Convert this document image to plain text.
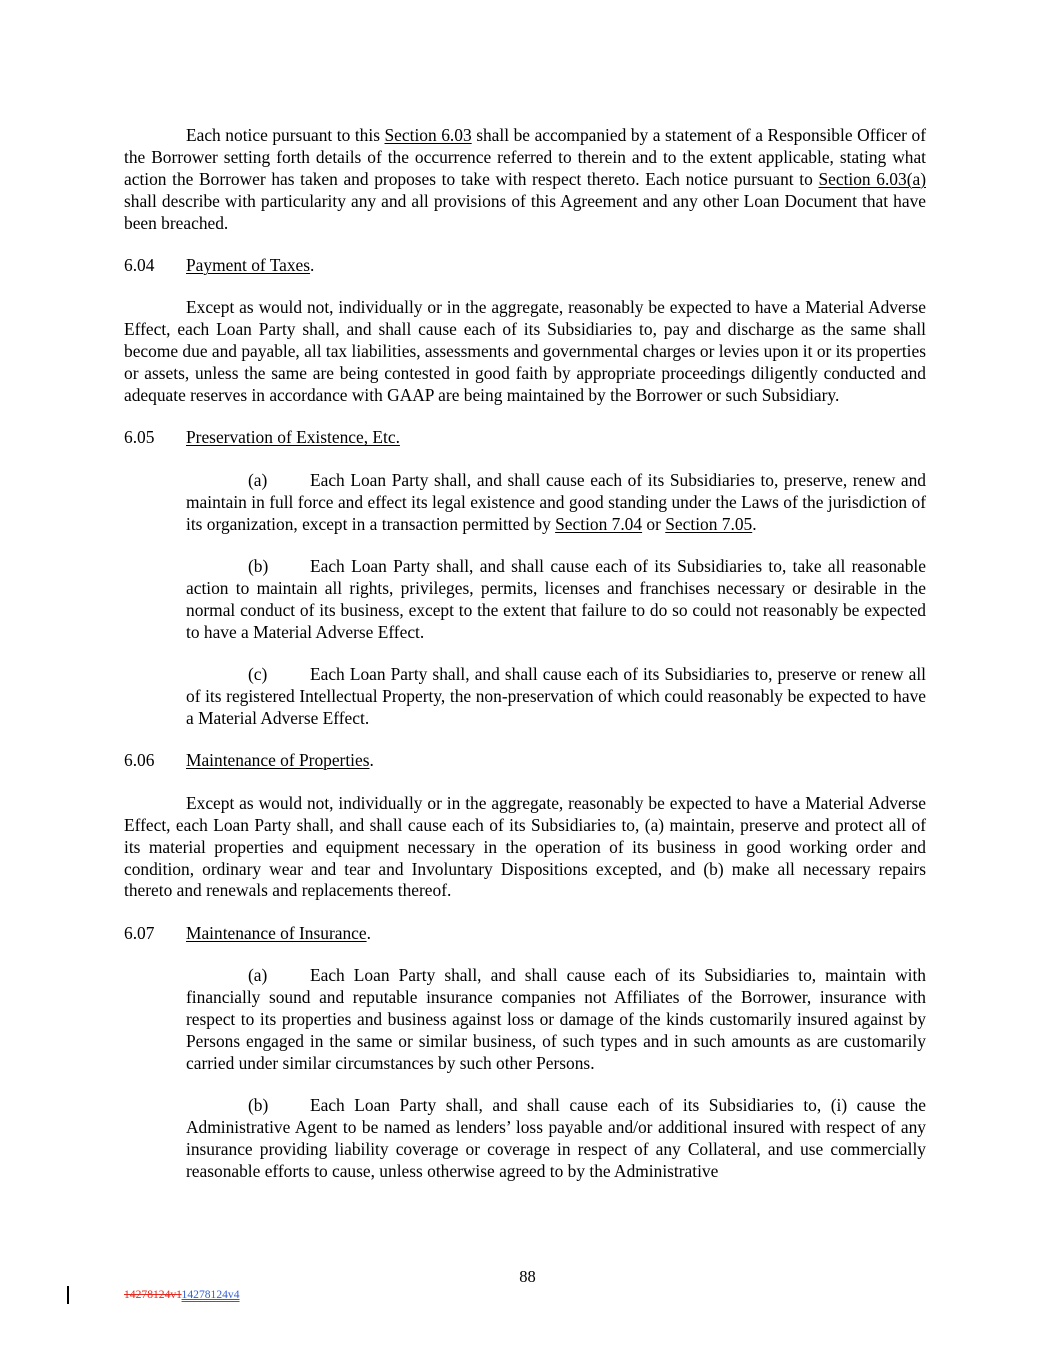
Each notice pursuant to this Section 6.03 shall be accompanied by a statement of a Responsible Officer of the Borrower setting forth details of the occurrence referred to therein and to the extent applicable, stating what action the Borrower has taken and proposes to take with respect thereto. Each notice pursuant to Section 6.03(a) shall describe with particularity any and all provisions of this Agreement and any other Loan Document that have been breached.

6.04 Payment of Taxes.

Except as would not, individually or in the aggregate, reasonably be expected to have a Material Adverse Effect, each Loan Party shall, and shall cause each of its Subsidiaries to, pay and discharge as the same shall become due and payable, all tax liabilities, assessments and governmental charges or levies upon it or its properties or assets, unless the same are being contested in good faith by appropriate proceedings diligently conducted and adequate reserves in accordance with GAAP are being maintained by the Borrower or such Subsidiary.

6.05 Preservation of Existence, Etc.

(a) Each Loan Party shall, and shall cause each of its Subsidiaries to, preserve, renew and maintain in full force and effect its legal existence and good standing under the Laws of the jurisdiction of its organization, except in a transaction permitted by Section 7.04 or Section 7.05.

(b) Each Loan Party shall, and shall cause each of its Subsidiaries to, take all reasonable action to maintain all rights, privileges, permits, licenses and franchises necessary or desirable in the normal conduct of its business, except to the extent that failure to do so could not reasonably be expected to have a Material Adverse Effect.

(c) Each Loan Party shall, and shall cause each of its Subsidiaries to, preserve or renew all of its registered Intellectual Property, the non-preservation of which could reasonably be expected to have a Material Adverse Effect.

6.06 Maintenance of Properties.

Except as would not, individually or in the aggregate, reasonably be expected to have a Material Adverse Effect, each Loan Party shall, and shall cause each of its Subsidiaries to, (a) maintain, preserve and protect all of its material properties and equipment necessary in the operation of its business in good working order and condition, ordinary wear and tear and Involuntary Dispositions excepted, and (b) make all necessary repairs thereto and renewals and replacements thereof.

6.07 Maintenance of Insurance.

(a) Each Loan Party shall, and shall cause each of its Subsidiaries to, maintain with financially sound and reputable insurance companies not Affiliates of the Borrower, insurance with respect to its properties and business against loss or damage of the kinds customarily insured against by Persons engaged in the same or similar business, of such types and in such amounts as are customarily carried under similar circumstances by such other Persons.

(b) Each Loan Party shall, and shall cause each of its Subsidiaries to, (i) cause the Administrative Agent to be named as lenders’ loss payable and/or additional insured with respect of any insurance providing liability coverage or coverage in respect of any Collateral, and use commercially reasonable efforts to cause, unless otherwise agreed to by the Administrative

88
14278124v114278124v4
